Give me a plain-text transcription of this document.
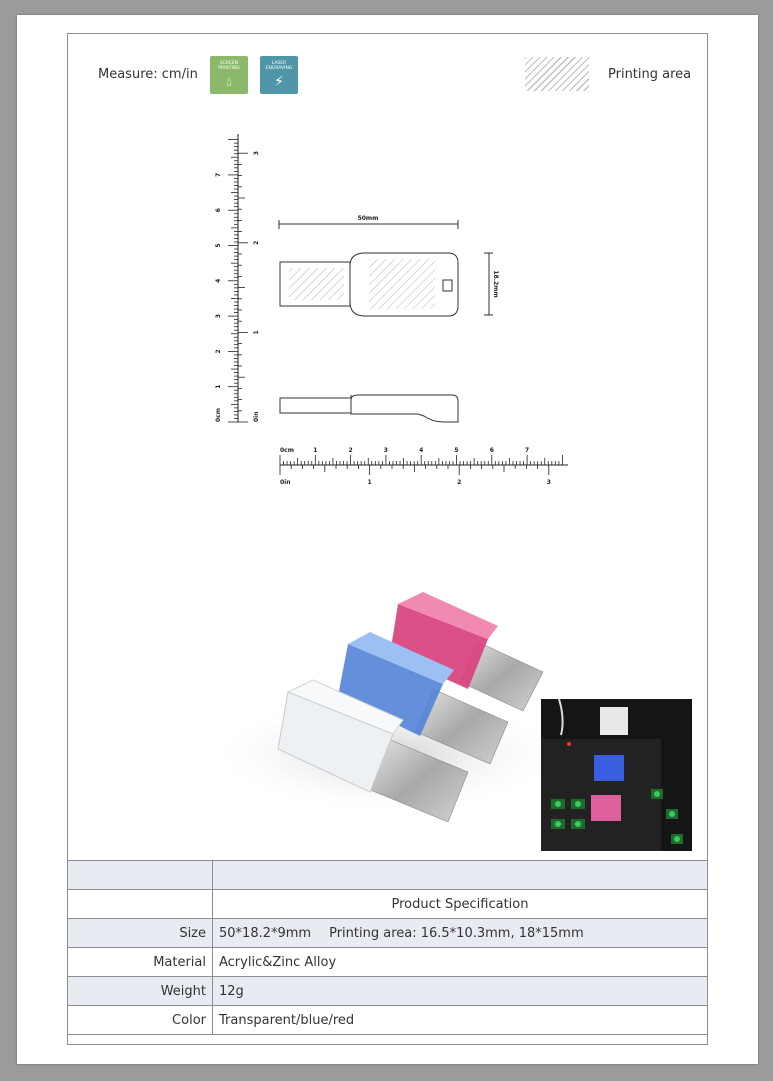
Measure: cm/in
SCREEN PRINTING
💧︎
LASER ENGRAVING
⚡︎	Printing area
0cm
1
2
3
4
5
6
7
0in
1
2
3
0cm	1	2	3	4	5	6	7
0in	1	2	3
50mm
18.2mm

	Product Specification
Size	50*18.2*9mm Printing area: 16.5*10.3mm, 18*15mm
Material	Acrylic&Zinc Alloy
Weight	12g
Color	Transparent/blue/red
